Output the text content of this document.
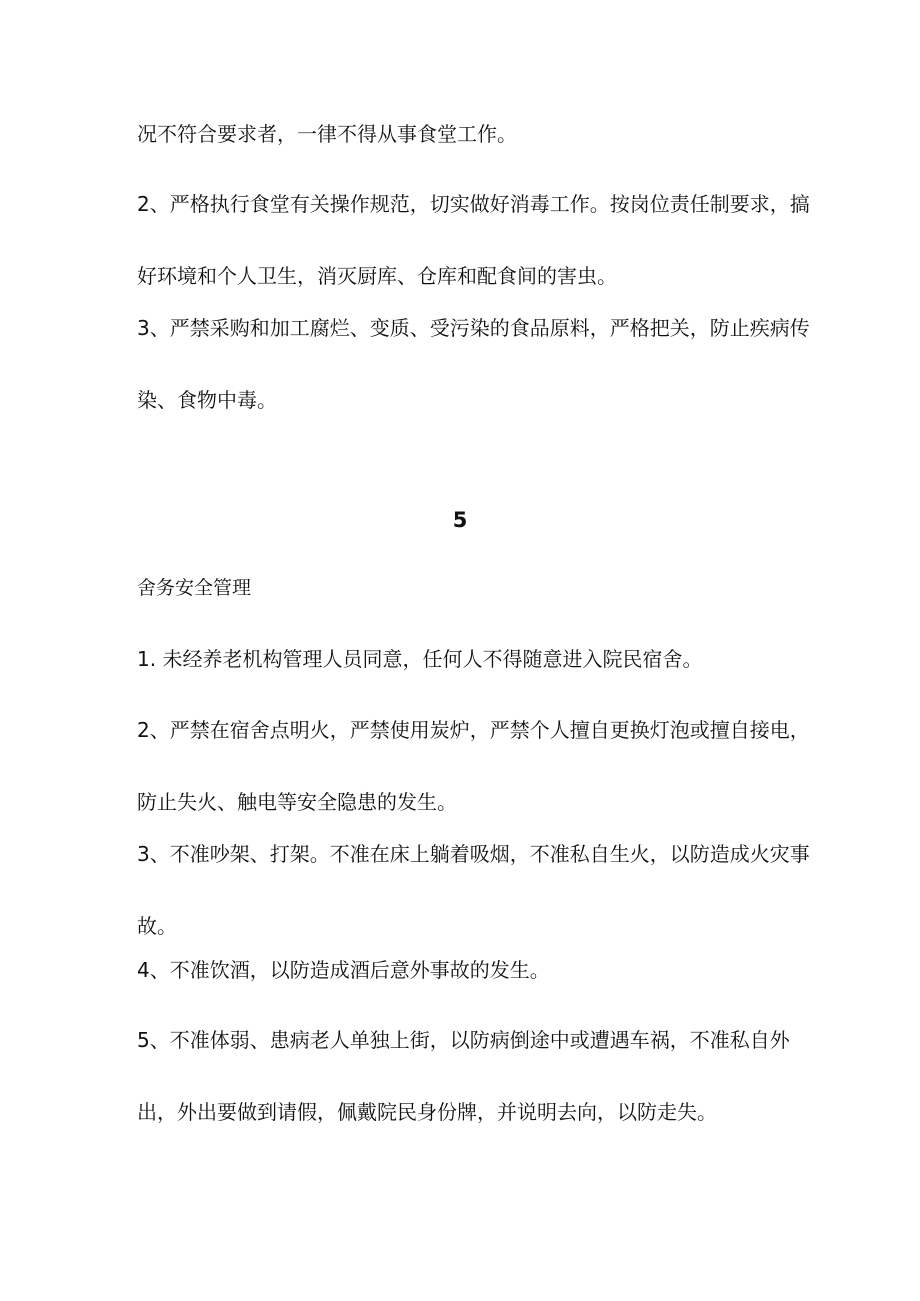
况不符合要求者，一律不得从事食堂工作。

2、严格执行食堂有关操作规范，切实做好消毒工作。按岗位责任制要求，搞好环境和个人卫生，消灭厨库、仓库和配食间的害虫。

3、严禁采购和加工腐烂、变质、受污染的食品原料，严格把关，防止疾病传染、食物中毒。

5

舍务安全管理

1. 未经养老机构管理人员同意，任何人不得随意进入院民宿舍。

2、严禁在宿舍点明火，严禁使用炭炉，严禁个人擅自更换灯泡或擅自接电，防止失火、触电等安全隐患的发生。

3、不准吵架、打架。不准在床上躺着吸烟，不准私自生火，以防造成火灾事故。

4、不准饮酒，以防造成酒后意外事故的发生。

5、不准体弱、患病老人单独上街，以防病倒途中或遭遇车祸，不准私自外出，外出要做到请假，佩戴院民身份牌，并说明去向，以防走失。
